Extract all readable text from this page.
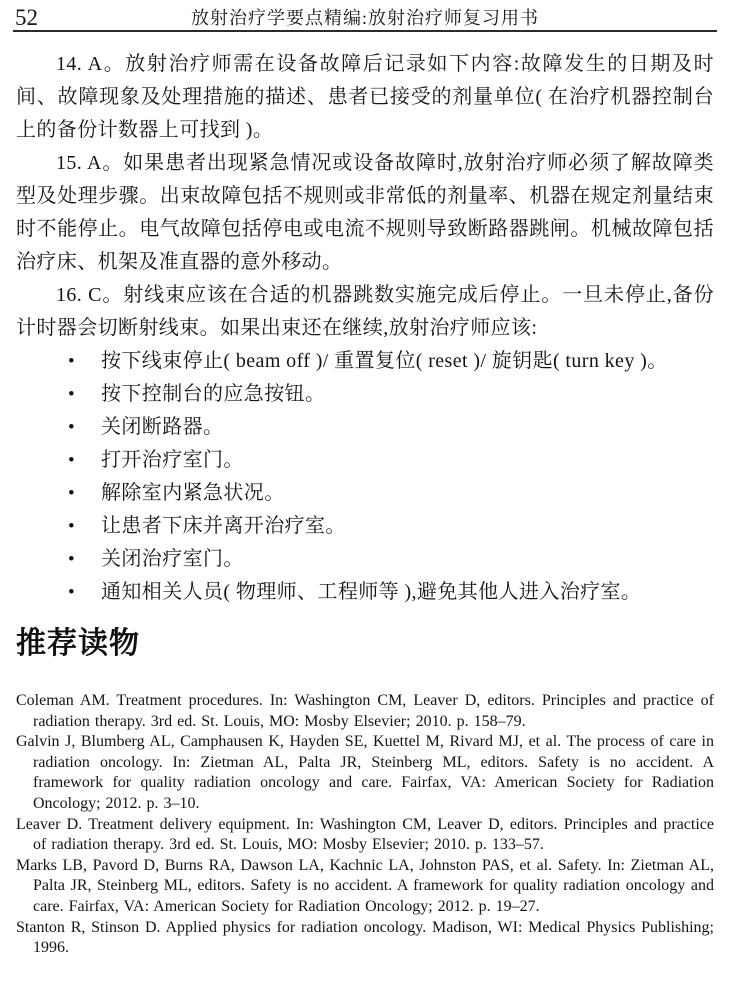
52	放射治疗学要点精编:放射治疗师复习用书

14. A。放射治疗师需在设备故障后记录如下内容:故障发生的日期及时间、故障现象及处理措施的描述、患者已接受的剂量单位( 在治疗机器控制台上的备份计数器上可找到 )。

15. A。如果患者出现紧急情况或设备故障时,放射治疗师必须了解故障类型及处理步骤。出束故障包括不规则或非常低的剂量率、机器在规定剂量结束时不能停止。电气故障包括停电或电流不规则导致断路器跳闸。机械故障包括治疗床、机架及准直器的意外移动。

16. C。射线束应该在合适的机器跳数实施完成后停止。一旦未停止,备份计时器会切断射线束。如果出束还在继续,放射治疗师应该:

•	按下线束停止( beam off )/ 重置复位( reset )/ 旋钥匙( turn key )。
•	按下控制台的应急按钮。
•	关闭断路器。
•	打开治疗室门。
•	解除室内紧急状况。
•	让患者下床并离开治疗室。
•	关闭治疗室门。
•	通知相关人员( 物理师、工程师等 ),避免其他人进入治疗室。
推荐读物

Coleman AM. Treatment procedures. In: Washington CM, Leaver D, editors. Principles and practice of radiation therapy. 3rd ed. St. Louis, MO: Mosby Elsevier; 2010. p. 158–79.

Galvin J, Blumberg AL, Camphausen K, Hayden SE, Kuettel M, Rivard MJ, et al. The process of care in radiation oncology. In: Zietman AL, Palta JR, Steinberg ML, editors. Safety is no accident. A framework for quality radiation oncology and care. Fairfax, VA: American Society for Radiation Oncology; 2012. p. 3–10.

Leaver D. Treatment delivery equipment. In: Washington CM, Leaver D, editors. Principles and practice of radiation therapy. 3rd ed. St. Louis, MO: Mosby Elsevier; 2010. p. 133–57.

Marks LB, Pavord D, Burns RA, Dawson LA, Kachnic LA, Johnston PAS, et al. Safety. In: Zietman AL, Palta JR, Steinberg ML, editors. Safety is no accident. A framework for quality radiation oncology and care. Fairfax, VA: American Society for Radiation Oncology; 2012. p. 19–27.

Stanton R, Stinson D. Applied physics for radiation oncology. Madison, WI: Medical Physics Publishing; 1996.
